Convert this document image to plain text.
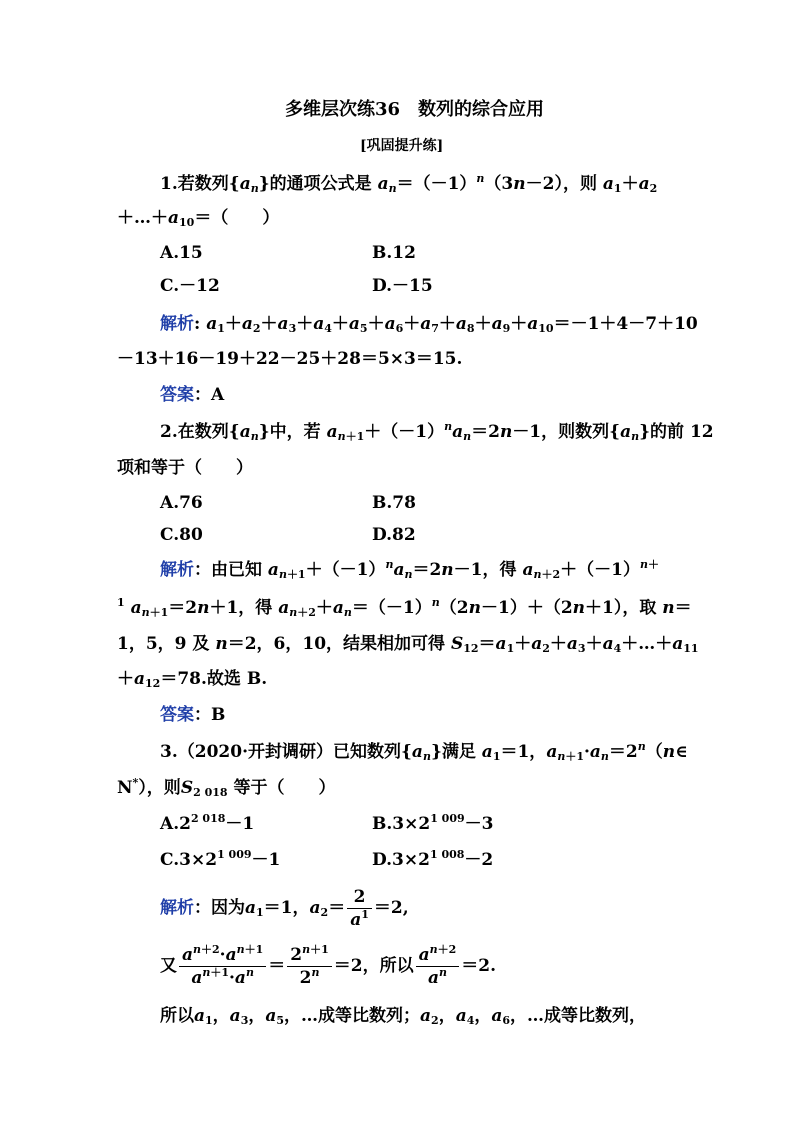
多维层次练36　数列的综合应用
[巩固提升练]
1.若数列$\{a_n\}$的通项公式是 $a_n=(-1)^n(3n-2)$，则 $a_1+a_2$
$+\dots+a_{10}=$（　　）
A.15	B.12
C.－12	D.－15
解析: $a_1+a_2+a_3+a_4+a_5+a_6+a_7+a_8+a_9+a_{10}=-1+4-7+10$
－13＋16－19＋22－25＋28＝5×3＝15.
答案：A
2.在数列$\{a_n\}$中，若 $a_{n+1}+(-1)^na_n=2n-1$，则数列$\{a_n\}$的前 12
项和等于（　　）
A.76	B.78
C.80	D.82
解析：由已知 $a_{n+1}+(-1)^na_n=2n-1$，得 $a_{n+2}+(-1)^{n+}$
$^1$ $a_{n+1}=2n+1$，得 $a_{n+2}+a_n=(-1)^n(2n-1)+(2n+1)$，取 n＝
1，5，9 及 n＝2，6，10，结果相加可得 $S_{12}=a_1+a_2+a_3+a_4+\dots+a_{11}$
$+a_{12}=78$.故选 B.
答案：B
3.（2020·开封调研）已知数列$\{a_n\}$满足 $a_1=1$，$a_{n+1}\cdot a_n=2^n(n\in$
N*），则$S_{2 018}$ 等于（　　）
$A.2^{2 018}-1$	$B.3\times 2^{1 009}-3$
$C.3\times 2^{1 009}-1$	$D.3\times 2^{1 008}-2$
解析：因为$a_1=1$，$a_2= \frac{2}{a^1} =2$,
又 $\frac{a^{n+2}\cdot a^{n+1}}{a^{n+1}\cdot a^n} = \frac{2^{n+1}}{2^n} =2$，所以 $\frac{a^{n+2}}{a^n} =2$.
所以$a_1$，$a_3$，$a_5$，…成等比数列；$a_2$，$a_4$，$a_6$，…成等比数列，
